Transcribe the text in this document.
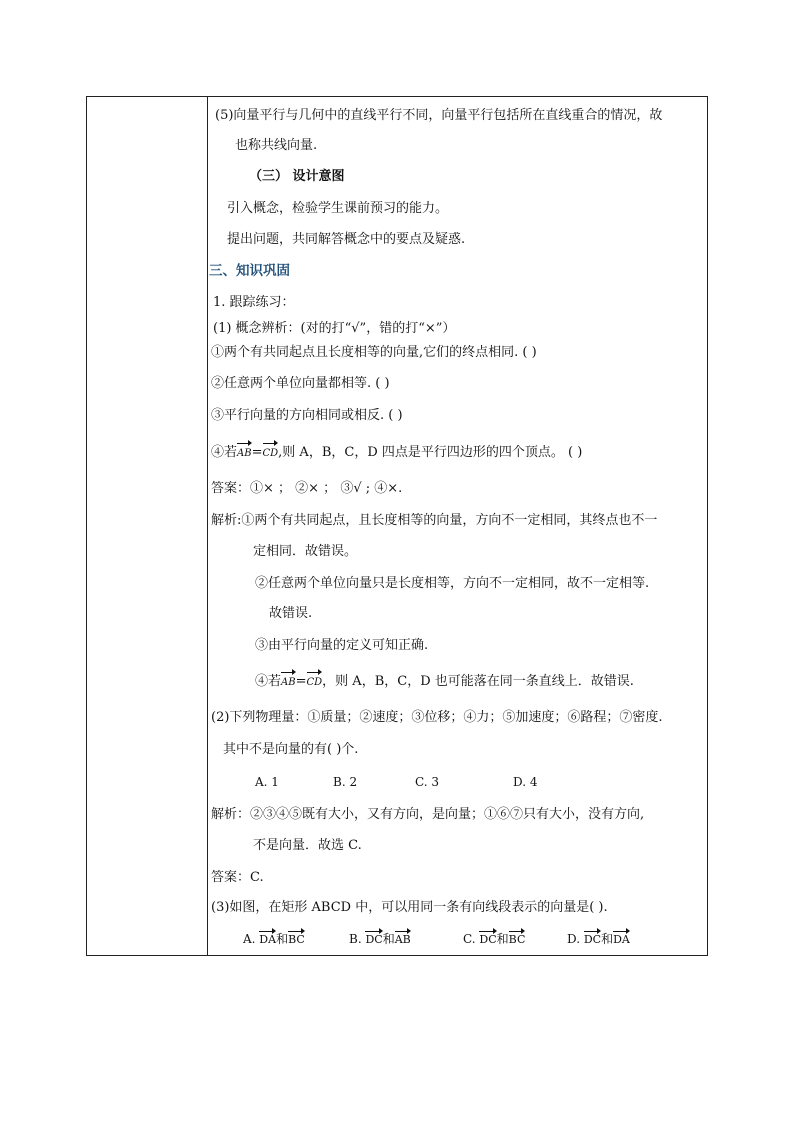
(5)向量平行与几何中的直线平行不同，向量平行包括所在直线重合的情况，故
也称共线向量.
（三） 设计意图
引入概念，检验学生课前预习的能力。
提出问题，共同解答概念中的要点及疑惑.
三、知识巩固
1. 跟踪练习：
(1) 概念辨析：(对的打“√”，错的打“×”）
①两个有共同起点且长度相等的向量,它们的终点相同. ( )
②任意两个单位向量都相等. ( )
③平行向量的方向相同或相反. ( )
④若AB=CD,则 A，B，C，D 四点是平行四边形的四个顶点。 ( )
答案：①× ； ②× ； ③√ ; ④×.
解析:①两个有共同起点，且长度相等的向量，方向不一定相同，其终点也不一
定相同．故错误。
②任意两个单位向量只是长度相等，方向不一定相同，故不一定相等.
故错误.
③由平行向量的定义可知正确.
④若AB=CD，则 A，B，C，D 也可能落在同一条直线上．故错误.
(2)下列物理量：①质量；②速度；③位移；④力；⑤加速度；⑥路程；⑦密度.
其中不是向量的有( )个.
A. 1	B. 2	C. 3	D. 4
解析：②③④⑤既有大小，又有方向，是向量；①⑥⑦只有大小，没有方向,
不是向量．故选 C.
答案：C.
(3)如图，在矩形 ABCD 中，可以用同一条有向线段表示的向量是( ).
A. DA和BC	B. DC和AB	C. DC和BC	D. DC和DA
